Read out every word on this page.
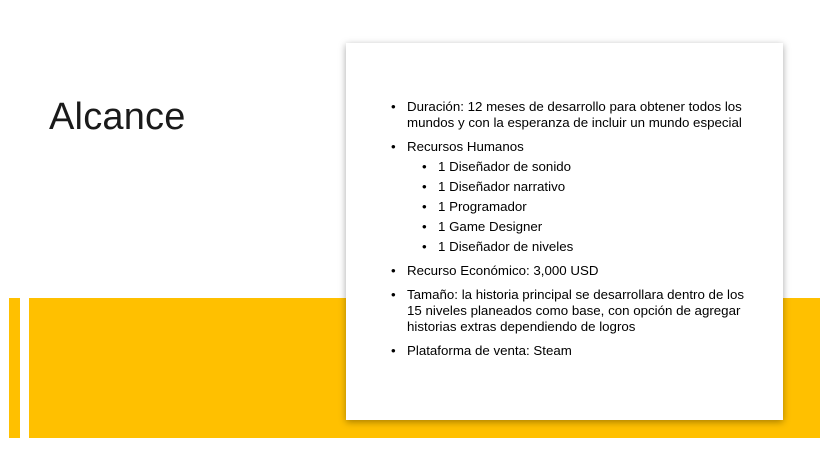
Alcance
•	Duración: 12 meses de desarrollo para obtener todos los mundos y con la esperanza de incluir un mundo especial
• Recursos Humanos
• 1 Diseñador de sonido
• 1 Diseñador narrativo
• 1 Programador
• 1 Game Designer
• 1 Diseñador de niveles
• Recurso Económico: 3,000 USD
• Tamaño: la historia principal se desarrollara dentro de los 15 niveles planeados como base, con opción de agregar historias extras dependiendo de logros
• Plataforma de venta: Steam
